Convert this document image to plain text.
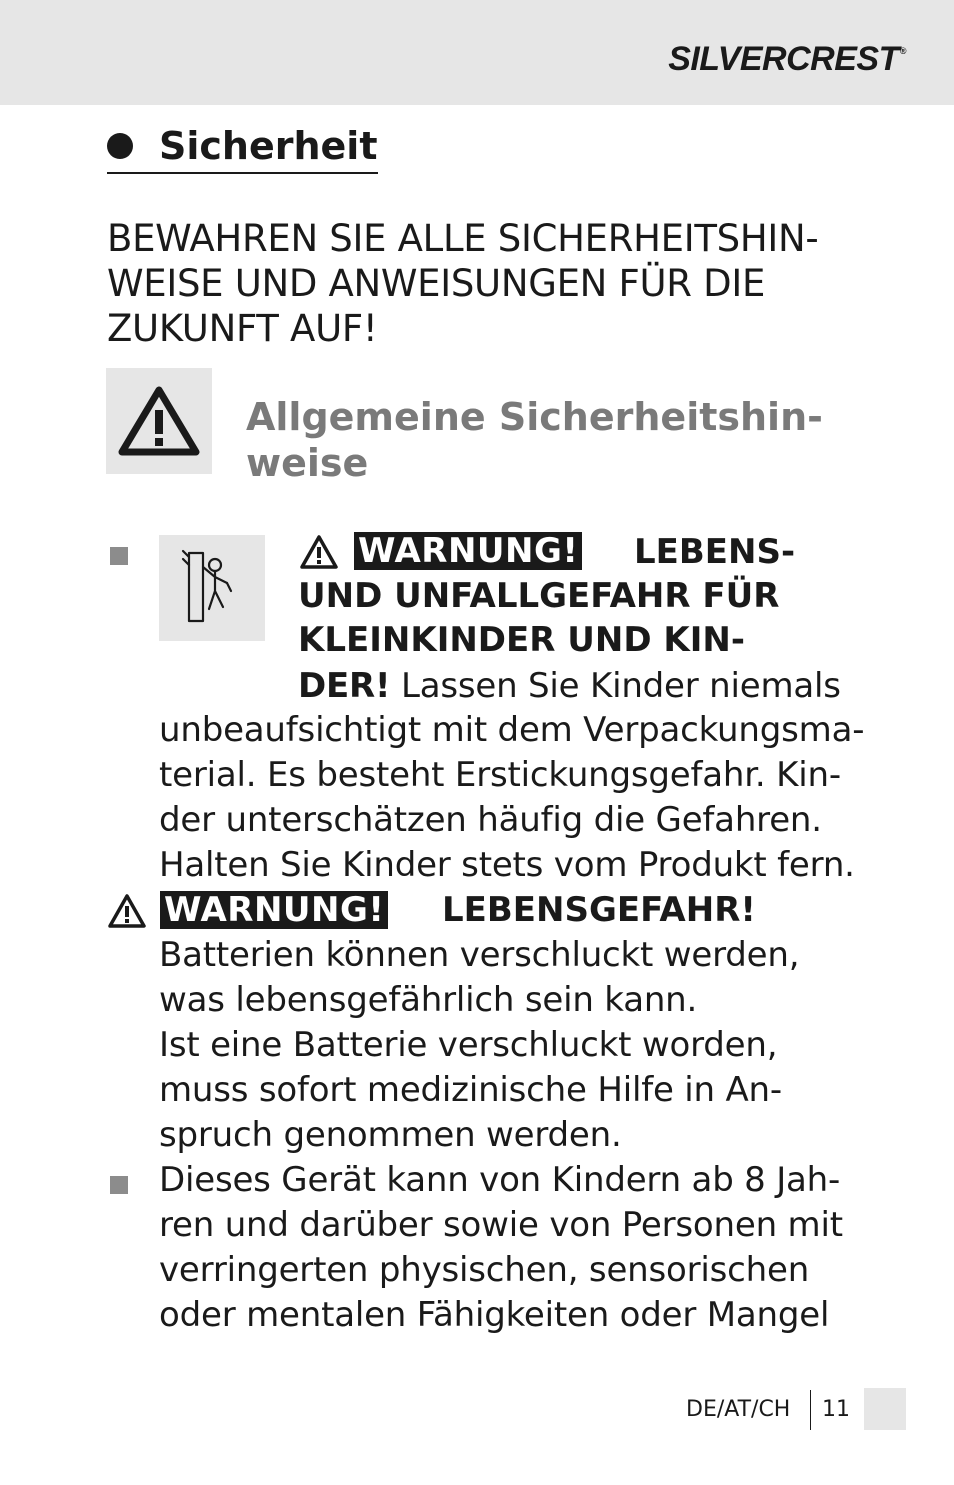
SILVER CREST ®
Sicherheit
BEWAHREN SIE ALLE SICHERHEITSHIN-
WEISE UND ANWEISUNGEN FÜR DIE
ZUKUNFT AUF!
Allgemeine Sicherheitshin-
weise
WARNUNG! LEBENS-
UND UNFALLGEFAHR FÜR
KLEINKINDER UND KIN-
DER! Lassen Sie Kinder niemals
unbeaufsichtigt mit dem Verpackungsma-
terial. Es besteht Erstickungsgefahr. Kin-
der unterschätzen häufig die Gefahren.
Halten Sie Kinder stets vom Produkt fern.
WARNUNG! LEBENSGEFAHR!
Batterien können verschluckt werden,
was lebensgefährlich sein kann.
Ist eine Batterie verschluckt worden,
muss sofort medizinische Hilfe in An-
spruch genommen werden.
Dieses Gerät kann von Kindern ab 8 Jah-
ren und darüber sowie von Personen mit
verringerten physischen, sensorischen
oder mentalen Fähigkeiten oder Mangel
DE/AT/CH 11
